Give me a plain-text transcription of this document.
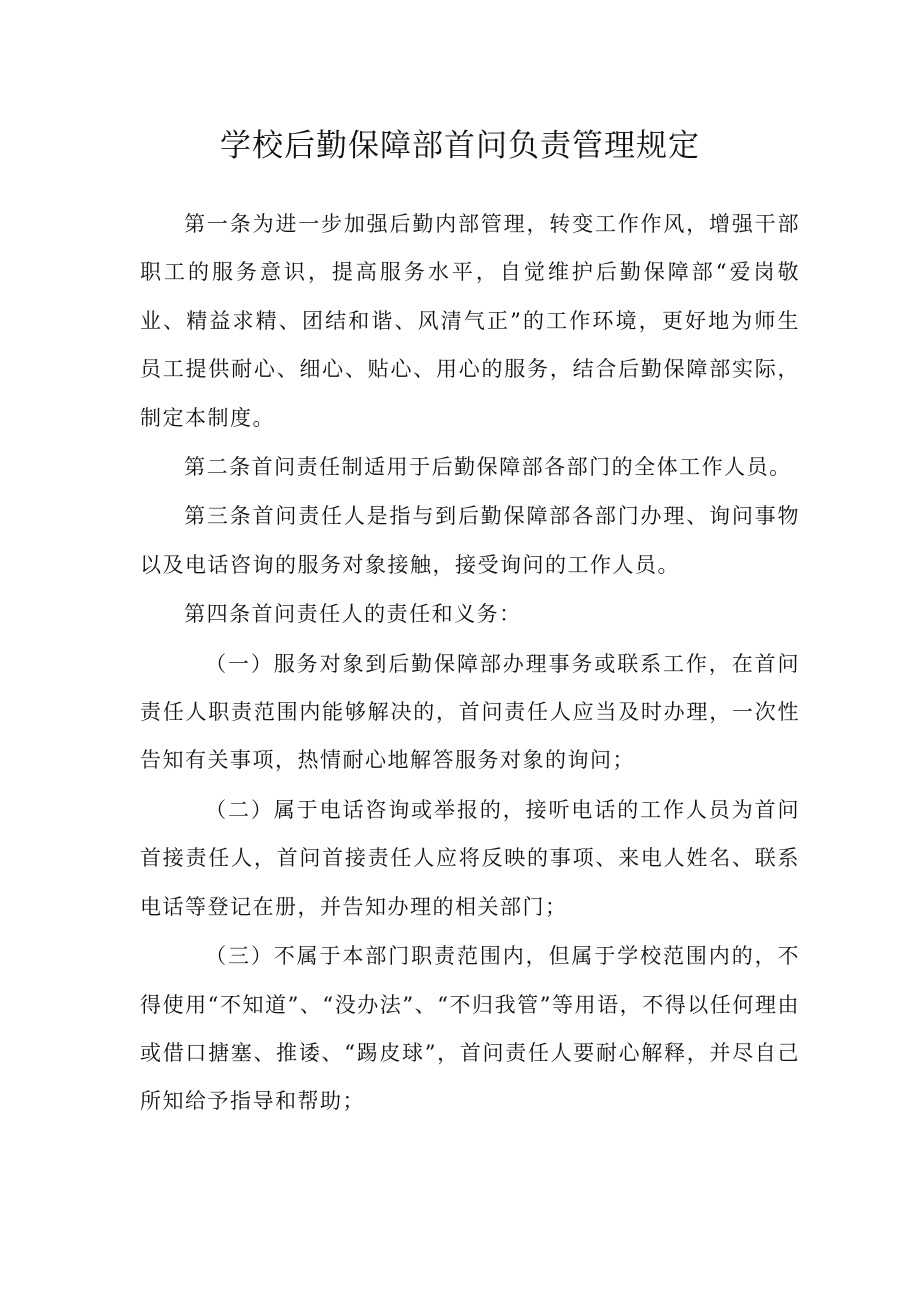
学校后勤保障部首问负责管理规定

第一条为进一步加强后勤内部管理，转变工作作风，增强干部职工的服务意识，提高服务水平，自觉维护后勤保障部“爱岗敬业、精益求精、团结和谐、风清气正”的工作环境，更好地为师生员工提供耐心、细心、贴心、用心的服务，结合后勤保障部实际，制定本制度。

第二条首问责任制适用于后勤保障部各部门的全体工作人员。

第三条首问责任人是指与到后勤保障部各部门办理、询问事物以及电话咨询的服务对象接触，接受询问的工作人员。

第四条首问责任人的责任和义务：

（一）服务对象到后勤保障部办理事务或联系工作，在首问责任人职责范围内能够解决的，首问责任人应当及时办理，一次性告知有关事项，热情耐心地解答服务对象的询问；

（二）属于电话咨询或举报的，接听电话的工作人员为首问首接责任人，首问首接责任人应将反映的事项、来电人姓名、联系电话等登记在册，并告知办理的相关部门；

（三）不属于本部门职责范围内，但属于学校范围内的，不得使用“不知道”、“没办法”、“不归我管”等用语，不得以任何理由或借口搪塞、推诿、“踢皮球”，首问责任人要耐心解释，并尽自己所知给予指导和帮助；
